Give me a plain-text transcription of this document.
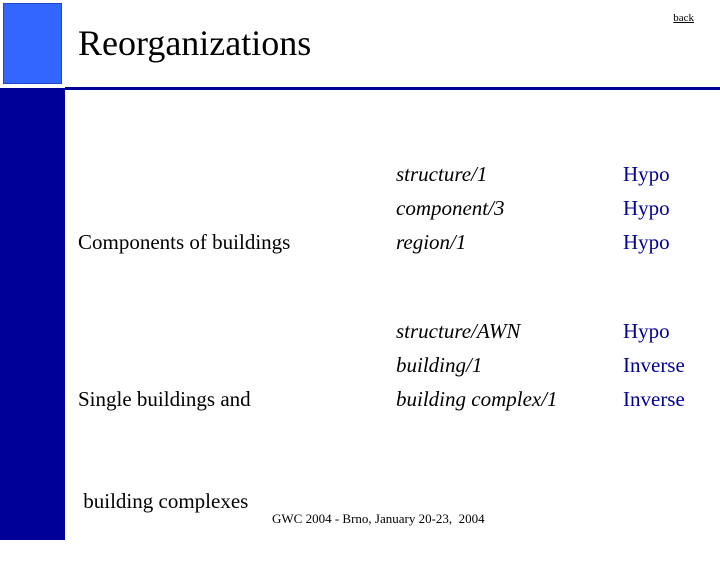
Reorganizations
back

Components of buildings

structure/1
component/3
region/1
Hypo
Hypo
Hypo

Single buildings and

building complexes

structure/AWN
building/1
building complex/1
Hypo
Inverse
Inverse
GWC 2004 - Brno, January 20-23,  2004
